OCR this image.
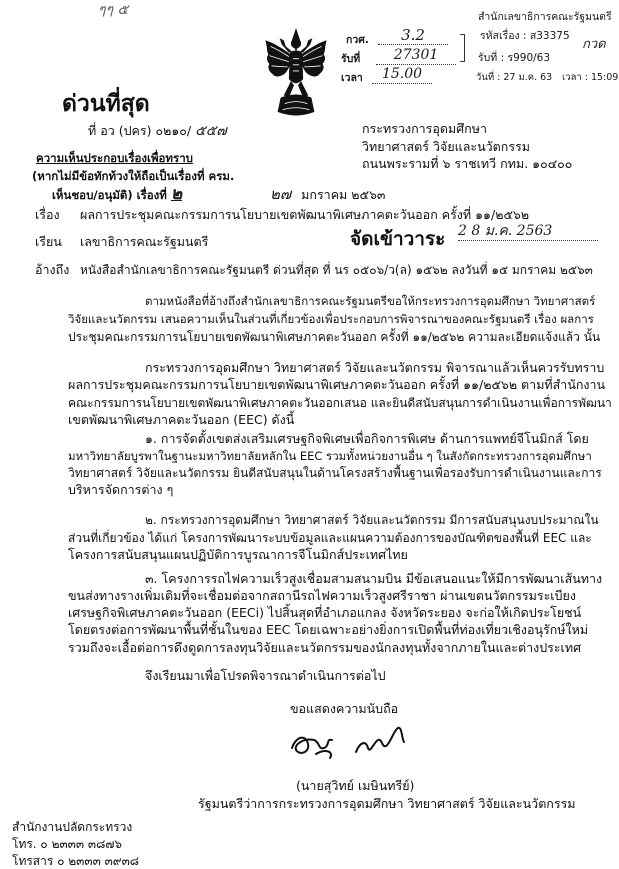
ๆๆ ๕
กวศ.	3.2
รับที่	27301
เวลา	15.00
สำนักเลขาธิการคณะรัฐมนตรี
รหัสเรื่อง : ส33375
กวด
รับที่ : ร990/63
วันที่ : 27 ม.ค. 63 เวลา : 15:09
ด่วนที่สุด
ที่ อว (ปคร) ๐๒๑๐/ ๕๕๗	กระทรวงการอุดมศึกษา
วิทยาศาสตร์ วิจัยและนวัตกรรม
ถนนพระรามที่ ๖ ราชเทวี กทม. ๑๐๔๐๐
ความเห็นประกอบเรื่องเพื่อทราบ
(หากไม่มีข้อทักท้วงให้ถือเป็นเรื่องที่ ครม.
เห็นชอบ/อนุมัติ) เรื่องที่ ๒	๒๗ มกราคม ๒๕๖๓
เรื่อง ผลการประชุมคณะกรรมการนโยบายเขตพัฒนาพิเศษภาคตะวันออก ครั้งที่ ๑๑/๒๕๖๒
เรียน เลขาธิการคณะรัฐมนตรี	จัดเข้าวาระ 2 8 ม.ค. 2563
อ้างถึง หนังสือสำนักเลขาธิการคณะรัฐมนตรี ด่วนที่สุด ที่ นร ๐๕๐๖/ว(ล) ๑๕๖๒ ลงวันที่ ๑๕ มกราคม ๒๕๖๓
ตามหนังสือที่อ้างถึงสำนักเลขาธิการคณะรัฐมนตรีขอให้กระทรวงการอุดมศึกษา วิทยาศาสตร์
วิจัยและนวัตกรรม เสนอความเห็นในส่วนที่เกี่ยวข้องเพื่อประกอบการพิจารณาของคณะรัฐมนตรี เรื่อง ผลการ
ประชุมคณะกรรมการนโยบายเขตพัฒนาพิเศษภาคตะวันออก ครั้งที่ ๑๑/๒๕๖๒ ความละเอียดแจ้งแล้ว นั้น
กระทรวงการอุดมศึกษา วิทยาศาสตร์ วิจัยและนวัตกรรม พิจารณาแล้วเห็นควรรับทราบ
ผลการประชุมคณะกรรมการนโยบายเขตพัฒนาพิเศษภาคตะวันออก ครั้งที่ ๑๑/๒๕๖๒ ตามที่สำนักงาน
คณะกรรมการนโยบายเขตพัฒนาพิเศษภาคตะวันออกเสนอ และยินดีสนับสนุนการดำเนินงานเพื่อการพัฒนา
เขตพัฒนาพิเศษภาคตะวันออก (EEC) ดังนี้
๑. การจัดตั้งเขตส่งเสริมเศรษฐกิจพิเศษเพื่อกิจการพิเศษ ด้านการแพทย์จีโนมิกส์ โดย
มหาวิทยาลัยบูรพาในฐานะมหาวิทยาลัยหลักใน EEC รวมทั้งหน่วยงานอื่น ๆ ในสังกัดกระทรวงการอุดมศึกษา
วิทยาศาสตร์ วิจัยและนวัตกรรม ยินดีสนับสนุนในด้านโครงสร้างพื้นฐานเพื่อรองรับการดำเนินงานและการ
บริหารจัดการต่าง ๆ
๒. กระทรวงการอุดมศึกษา วิทยาศาสตร์ วิจัยและนวัตกรรม มีการสนับสนุนงบประมาณใน
ส่วนที่เกี่ยวข้อง ได้แก่ โครงการพัฒนาระบบข้อมูลและแผนความต้องการของบัณฑิตของพื้นที่ EEC และ
โครงการสนับสนุนแผนปฏิบัติการบูรณาการจีโนมิกส์ประเทศไทย
๓. โครงการรถไฟความเร็วสูงเชื่อมสามสนามบิน มีข้อเสนอแนะให้มีการพัฒนาเส้นทาง
ขนส่งทางรางเพิ่มเติมที่จะเชื่อมต่อจากสถานีรถไฟความเร็วสูงศรีราชา ผ่านเขตนวัตกรรมระเบียง
เศรษฐกิจพิเศษภาคตะวันออก (EECi) ไปสิ้นสุดที่อำเภอแกลง จังหวัดระยอง จะก่อให้เกิดประโยชน์
โดยตรงต่อการพัฒนาพื้นที่ชั้นในของ EEC โดยเฉพาะอย่างยิ่งการเปิดพื้นที่ท่องเที่ยวเชิงอนุรักษ์ใหม่
รวมถึงจะเอื้อต่อการดึงดูดการลงทุนวิจัยและนวัตกรรมของนักลงทุนทั้งจากภายในและต่างประเทศ
จึงเรียนมาเพื่อโปรดพิจารณาดำเนินการต่อไป
ขอแสดงความนับถือ
(นายสุวิทย์ เมษินทรีย์)
รัฐมนตรีว่าการกระทรวงการอุดมศึกษา วิทยาศาสตร์ วิจัยและนวัตกรรม
สำนักงานปลัดกระทรวง
โทร. ๐ ๒๓๓๓ ๓๘๗๖
โทรสาร ๐ ๒๓๓๓ ๓๙๓๘
